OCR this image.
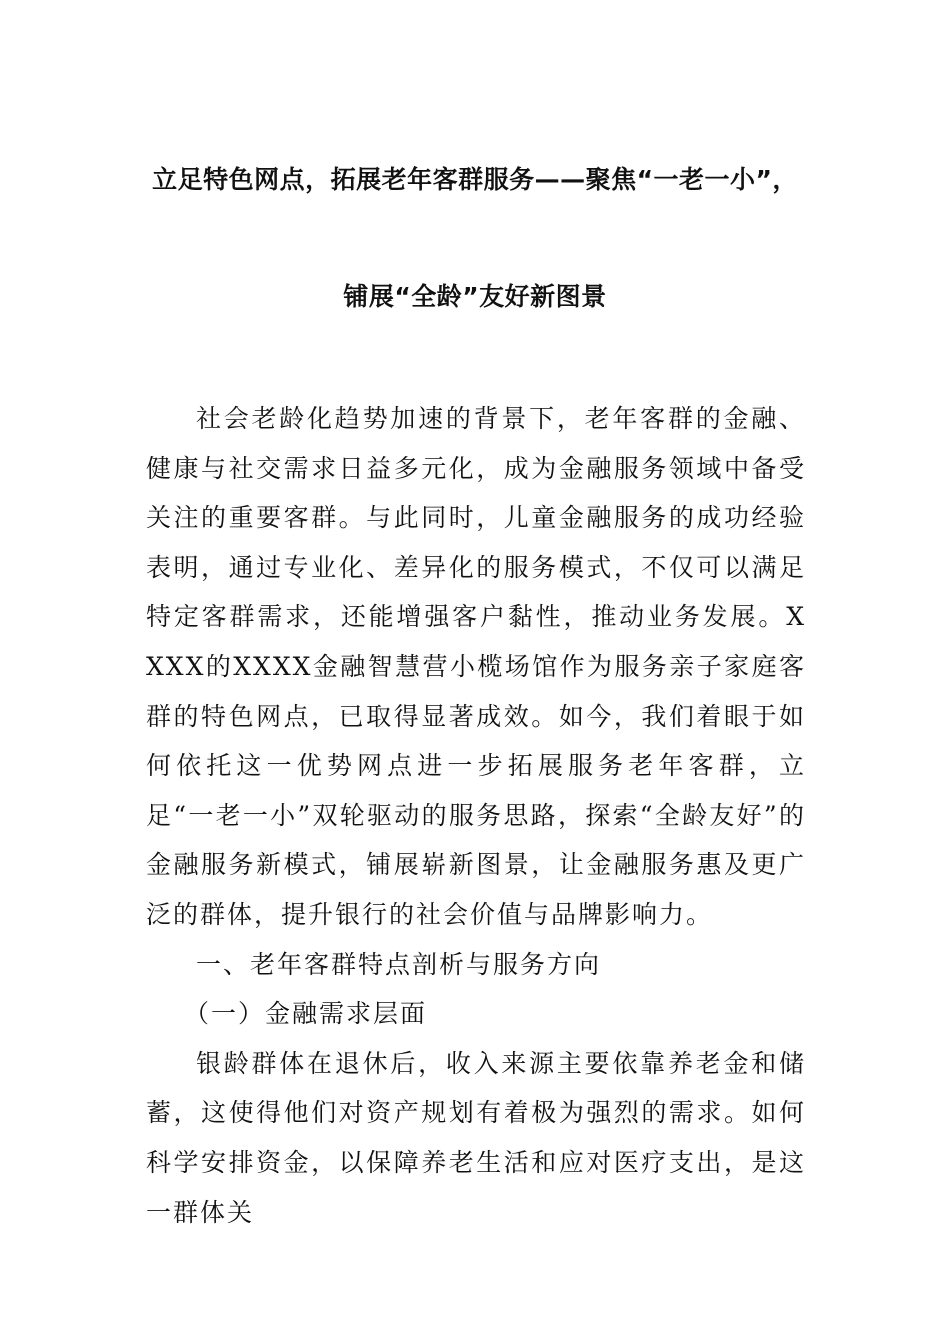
立足特色网点，拓展老年客群服务——聚焦“一老一小”，
铺展“全龄”友好新图景

社会老龄化趋势加速的背景下，老年客群的金融、健康与社交需求日益多元化，成为金融服务领域中备受关注的重要客群。与此同时，儿童金融服务的成功经验表明，通过专业化、差异化的服务模式，不仅可以满足特定客群需求，还能增强客户黏性，推动业务发展。XXXX的XXXX金融智慧营小榄场馆作为服务亲子家庭客群的特色网点，已取得显著成效。如今，我们着眼于如何依托这一优势网点进一步拓展服务老年客群，立足“一老一小”双轮驱动的服务思路，探索“全龄友好”的金融服务新模式，铺展崭新图景，让金融服务惠及更广泛的群体，提升银行的社会价值与品牌影响力。

一、老年客群特点剖析与服务方向

（一）金融需求层面

银龄群体在退休后，收入来源主要依靠养老金和储蓄，这使得他们对资产规划有着极为强烈的需求。如何科学安排资金，以保障养老生活和应对医疗支出，是这一群体关
